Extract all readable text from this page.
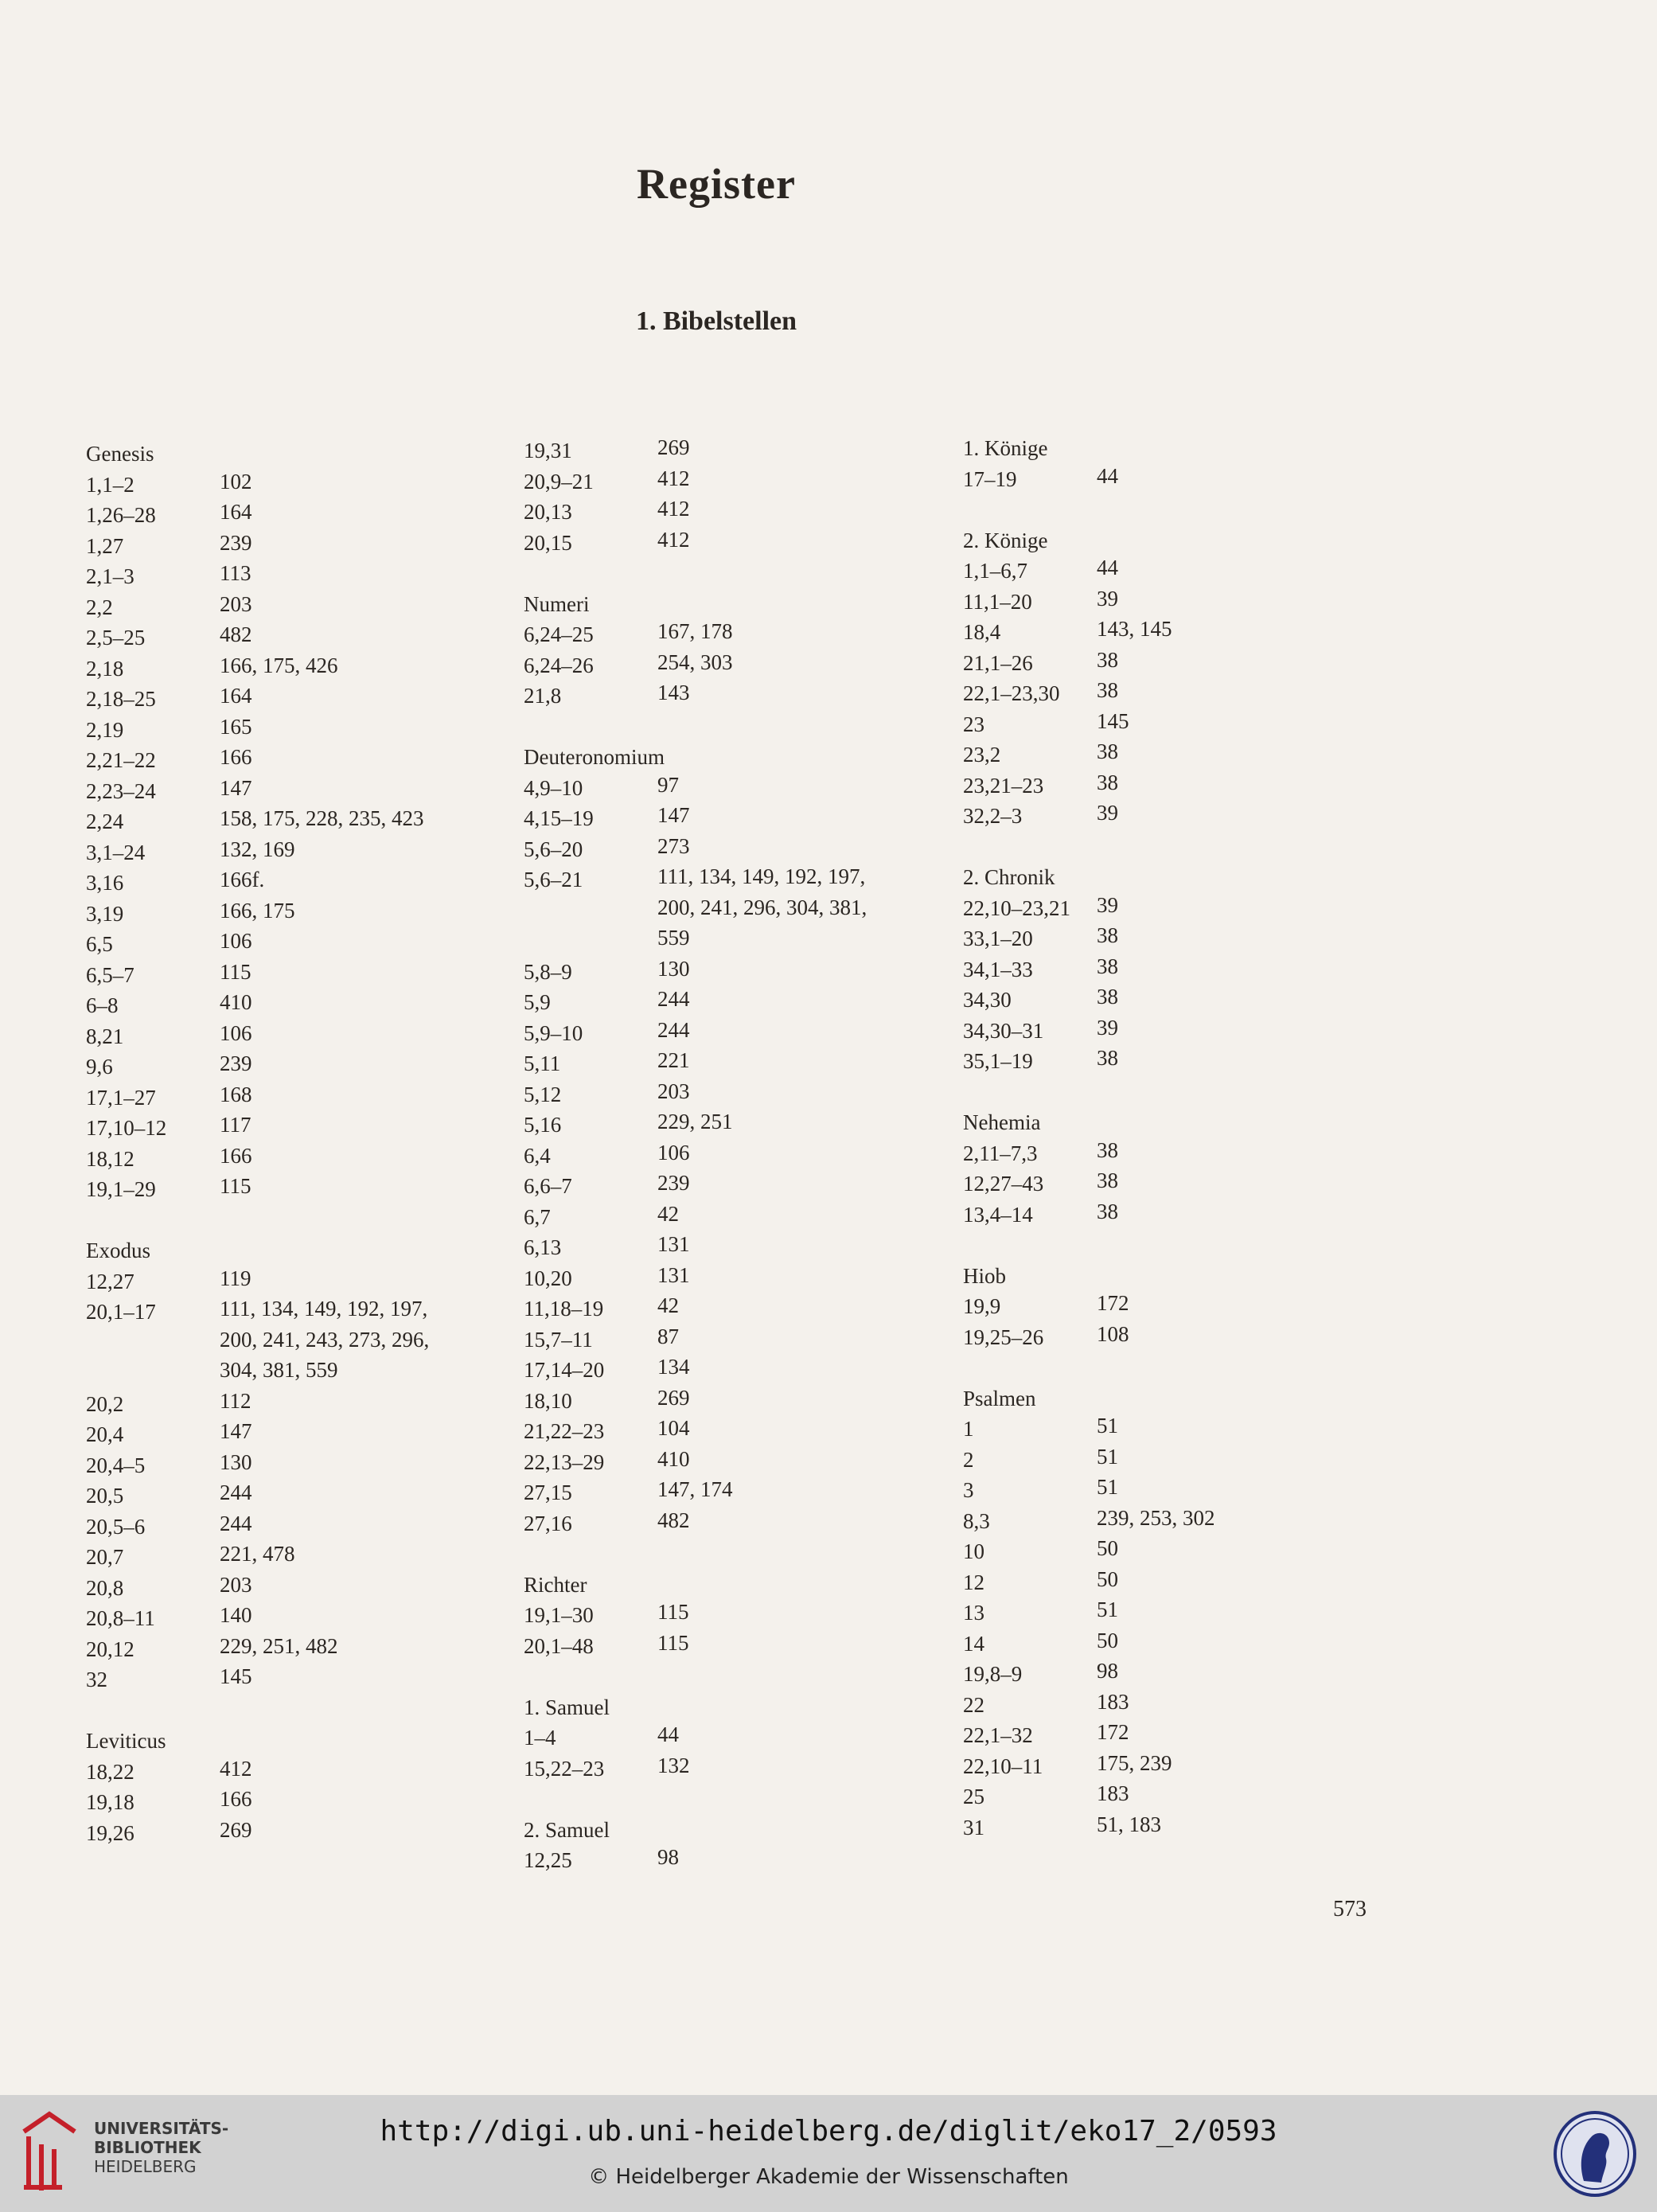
Register
1. Bibelstellen
Genesis
1,1–2	102
1,26–28	164
1,27	239
2,1–3	113
2,2	203
2,5–25	482
2,18	166, 175, 426
2,18–25	164
2,19	165
2,21–22	166
2,23–24	147
2,24	158, 175, 228, 235, 423
3,1–24	132, 169
3,16	166f.
3,19	166, 175
6,5	106
6,5–7	115
6–8	410
8,21	106
9,6	239
17,1–27	168
17,10–12 117
18,12	166
19,1–29	115
Exodus
12,27	119
20,1–17	111, 134, 149, 192, 197,
200, 241, 243, 273, 296,
304, 381, 559
20,2	112
20,4	147
20,4–5	130
20,5	244
20,5–6	244
20,7	221, 478
20,8	203
20,8–11	140
20,12	229, 251, 482
32	145
Leviticus
18,22	412
19,18	166
19,26	269
19,31	269
20,9–21	412
20,13	412
20,15	412
Numeri
6,24–25	167, 178
6,24–26	254, 303
21,8	143
Deuteronomium
4,9–10	97
4,15–19	147
5,6–20	273
5,6–21	111, 134, 149, 192, 197,
200, 241, 296, 304, 381,
559
5,8–9	130
5,9	244
5,9–10	244
5,11	221
5,12	203
5,16	229, 251
6,4	106
6,6–7	239
6,7	42
6,13	131
10,20	131
11,18–19	42
15,7–11	87
17,14–20 134
18,10	269
21,22–23 104
22,13–29 410
27,15	147, 174
27,16	482
Richter
19,1–30	115
20,1–48	115
1. Samuel
1–4	44
15,22–23 132
2. Samuel
12,25	98
1. Könige
17–19	44
2. Könige
1,1–6,7	44
11,1–20	39
18,4	143, 145
21,1–26	38
22,1–23,30 38
23	145
23,2	38
23,21–23 38
32,2–3	39
2. Chronik
22,10–23,21 39
33,1–20	38
34,1–33	38
34,30	38
34,30–31 39
35,1–19	38
Nehemia
2,11–7,3	38
12,27–43 38
13,4–14	38
Hiob
19,9	172
19,25–26 108
Psalmen
1	51
2	51
3	51
8,3	239, 253, 302
10	50
12	50
13	51
14	50
19,8–9	98
22	183
22,1–32	172
22,10–11	175, 239
25	183
31	51, 183
573
UNIVERSITÄTS-
BIBLIOTHEK
HEIDELBERG
http://digi.ub.uni-heidelberg.de/diglit/eko17_2/0593
© Heidelberger Akademie der Wissenschaften
